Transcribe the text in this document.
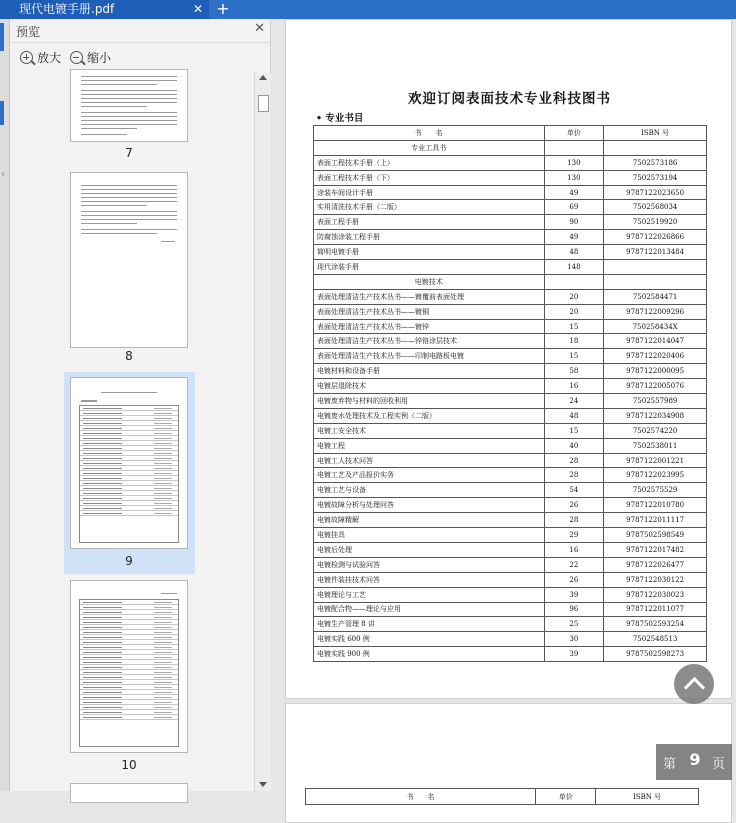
现代电镀手册.pdf	✕ +
‹
预览	✕
放大	缩小
7
8
9
10
欢迎订阅表面技术专业科技图书
• 专业书目
书　　名	单价	ISBN 号
专业工具书		
表面工程技术手册（上）	130	7502573186
表面工程技术手册（下）	130	7502573194
涂装车间设计手册	49	9787122023650
实用清洗技术手册（二版）	69	7502568034
表面工程手册	90	7502519920
防腐蚀涂装工程手册	49	9787122026866
简明电镀手册	48	9787122013484
现代涂装手册	148	
电镀技术		
表面处理清洁生产技术丛书——镀覆前表面处理	20	7502584471
表面处理清洁生产技术丛书——镀铜	20	9787122009296
表面处理清洁生产技术丛书——镀锌	15	750258434X
表面处理清洁生产技术丛书——锌铬涂层技术	18	9787122014047
表面处理清洁生产技术丛书——印制电路板电镀	15	9787122020406
电镀材料和设备手册	58	9787122000095
电镀层退除技术	16	9787122005076
电镀废弃物与材料的回收利用	24	7502557989
电镀废水处理技术及工程实例（二版）	48	9787122034908
电镀工安全技术	15	7502574220
电镀工程	40	7502538011
电镀工人技术问答	28	9787122001221
电镀工艺及产品报价实务	28	9787122023995
电镀工艺与设备	54	7502575529
电镀故障分析与处理问答	26	9787122010780
电镀故障精解	28	9787122011117
电镀挂具	29	9787502598549
电镀后处理	16	9787122017482
电镀检测与试验问答	22	9787122026477
电镀件装挂技术问答	26	9787122030122
电镀理论与工艺	39	9787122030023
电镀配合物——理论与应用	96	9787122011077
电镀生产管理 8 讲	25	9787502593254
电镀实践 600 例	30	7502548513
电镀实践 900 例	39	9787502598273
书　　名	单价	ISBN 号
第 9 页
